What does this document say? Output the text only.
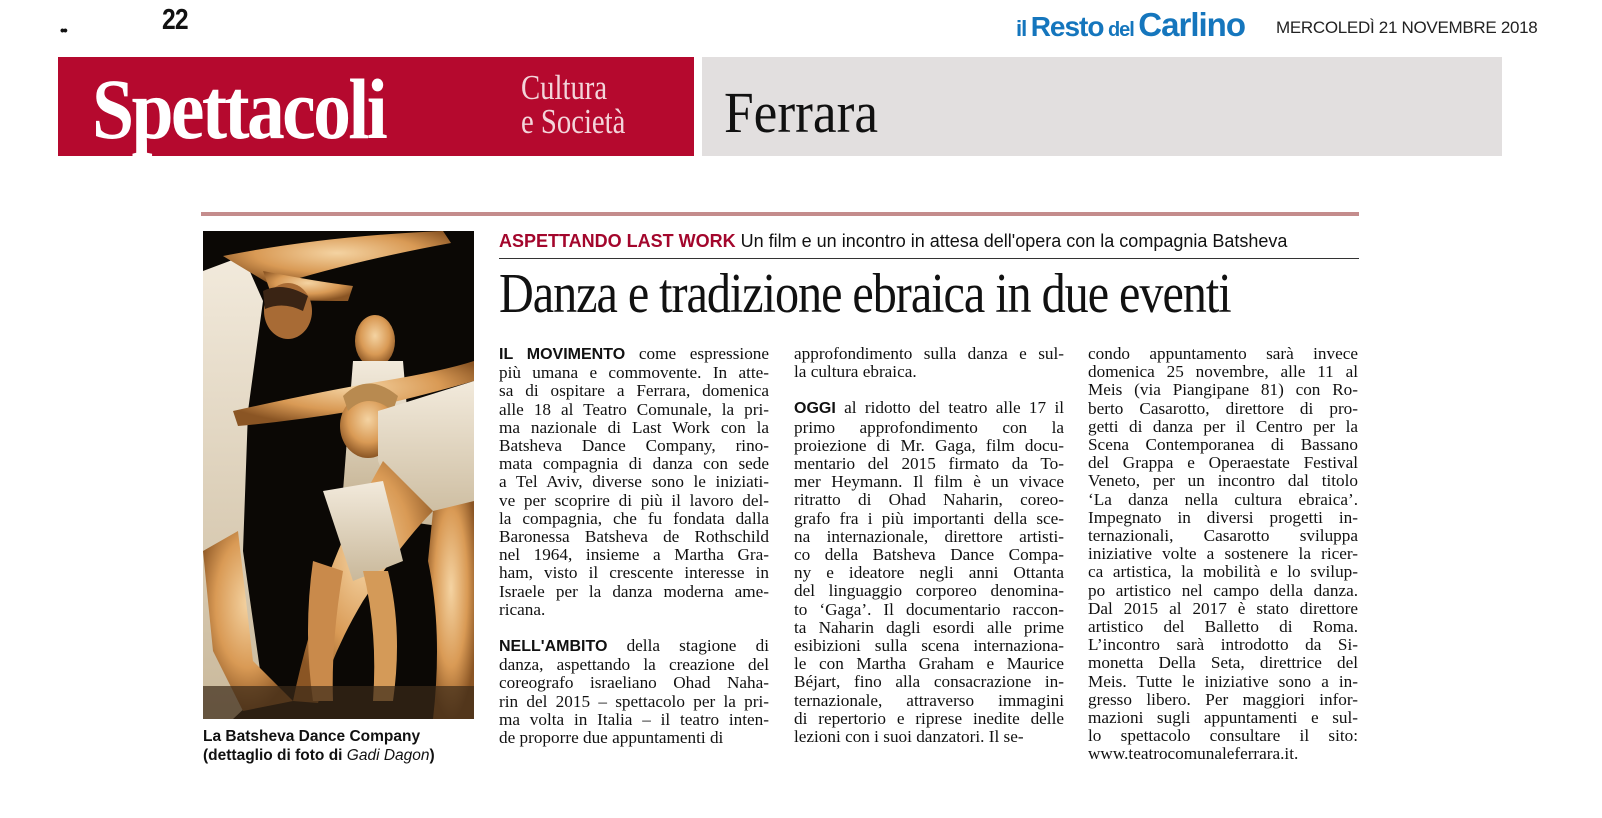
••	22	il Resto del Carlino MERCOLEDÌ 21 NOVEMBRE 2018
Spettacoli	Cultura
e Società Ferrara
La Batsheva Dance Company
(dettaglio di foto di Gadi Dagon)
ASPETTANDO LAST WORK Un film e un incontro in attesa dell'opera con la compagnia Batsheva
Danza e tradizione ebraica in due eventi
IL MOVIMENTO come espressione
più umana e commovente. In atte-
sa di ospitare a Ferrara, domenica
alle 18 al Teatro Comunale, la pri-
ma nazionale di Last Work con la
Batsheva Dance Company, rino-
mata compagnia di danza con sede
a Tel Aviv, diverse sono le iniziati-
ve per scoprire di più il lavoro del-
la compagnia, che fu fondata dalla
Baronessa Batsheva de Rothschild
nel 1964, insieme a Martha Gra-
ham, visto il crescente interesse in
Israele per la danza moderna ame-
ricana.
NELL'AMBITO della stagione di
danza, aspettando la creazione del
coreografo israeliano Ohad Naha-
rin del 2015 – spettacolo per la pri-
ma volta in Italia – il teatro inten-
de proporre due appuntamenti di
approfondimento sulla danza e sul-
la cultura ebraica.
OGGI al ridotto del teatro alle 17 il
primo approfondimento con la
proiezione di Mr. Gaga, film docu-
mentario del 2015 firmato da To-
mer Heymann. Il film è un vivace
ritratto di Ohad Naharin, coreo-
grafo fra i più importanti della sce-
na internazionale, direttore artisti-
co della Batsheva Dance Compa-
ny e ideatore negli anni Ottanta
del linguaggio corporeo denomina-
to ‘Gaga’. Il documentario raccon-
ta Naharin dagli esordi alle prime
esibizioni sulla scena internaziona-
le con Martha Graham e Maurice
Béjart, fino alla consacrazione in-
ternazionale, attraverso immagini
di repertorio e riprese inedite delle
lezioni con i suoi danzatori. Il se-
condo appuntamento sarà invece
domenica 25 novembre, alle 11 al
Meis (via Piangipane 81) con Ro-
berto Casarotto, direttore di pro-
getti di danza per il Centro per la
Scena Contemporanea di Bassano
del Grappa e Operaestate Festival
Veneto, per un incontro dal titolo
‘La danza nella cultura ebraica’.
Impegnato in diversi progetti in-
ternazionali, Casarotto sviluppa
iniziative volte a sostenere la ricer-
ca artistica, la mobilità e lo svilup-
po artistico nel campo della danza.
Dal 2015 al 2017 è stato direttore
artistico del Balletto di Roma.
L’incontro sarà introdotto da Si-
monetta Della Seta, direttrice del
Meis. Tutte le iniziative sono a in-
gresso libero. Per maggiori infor-
mazioni sugli appuntamenti e sul-
lo spettacolo consultare il sito:
www.teatrocomunaleferrara.it.
